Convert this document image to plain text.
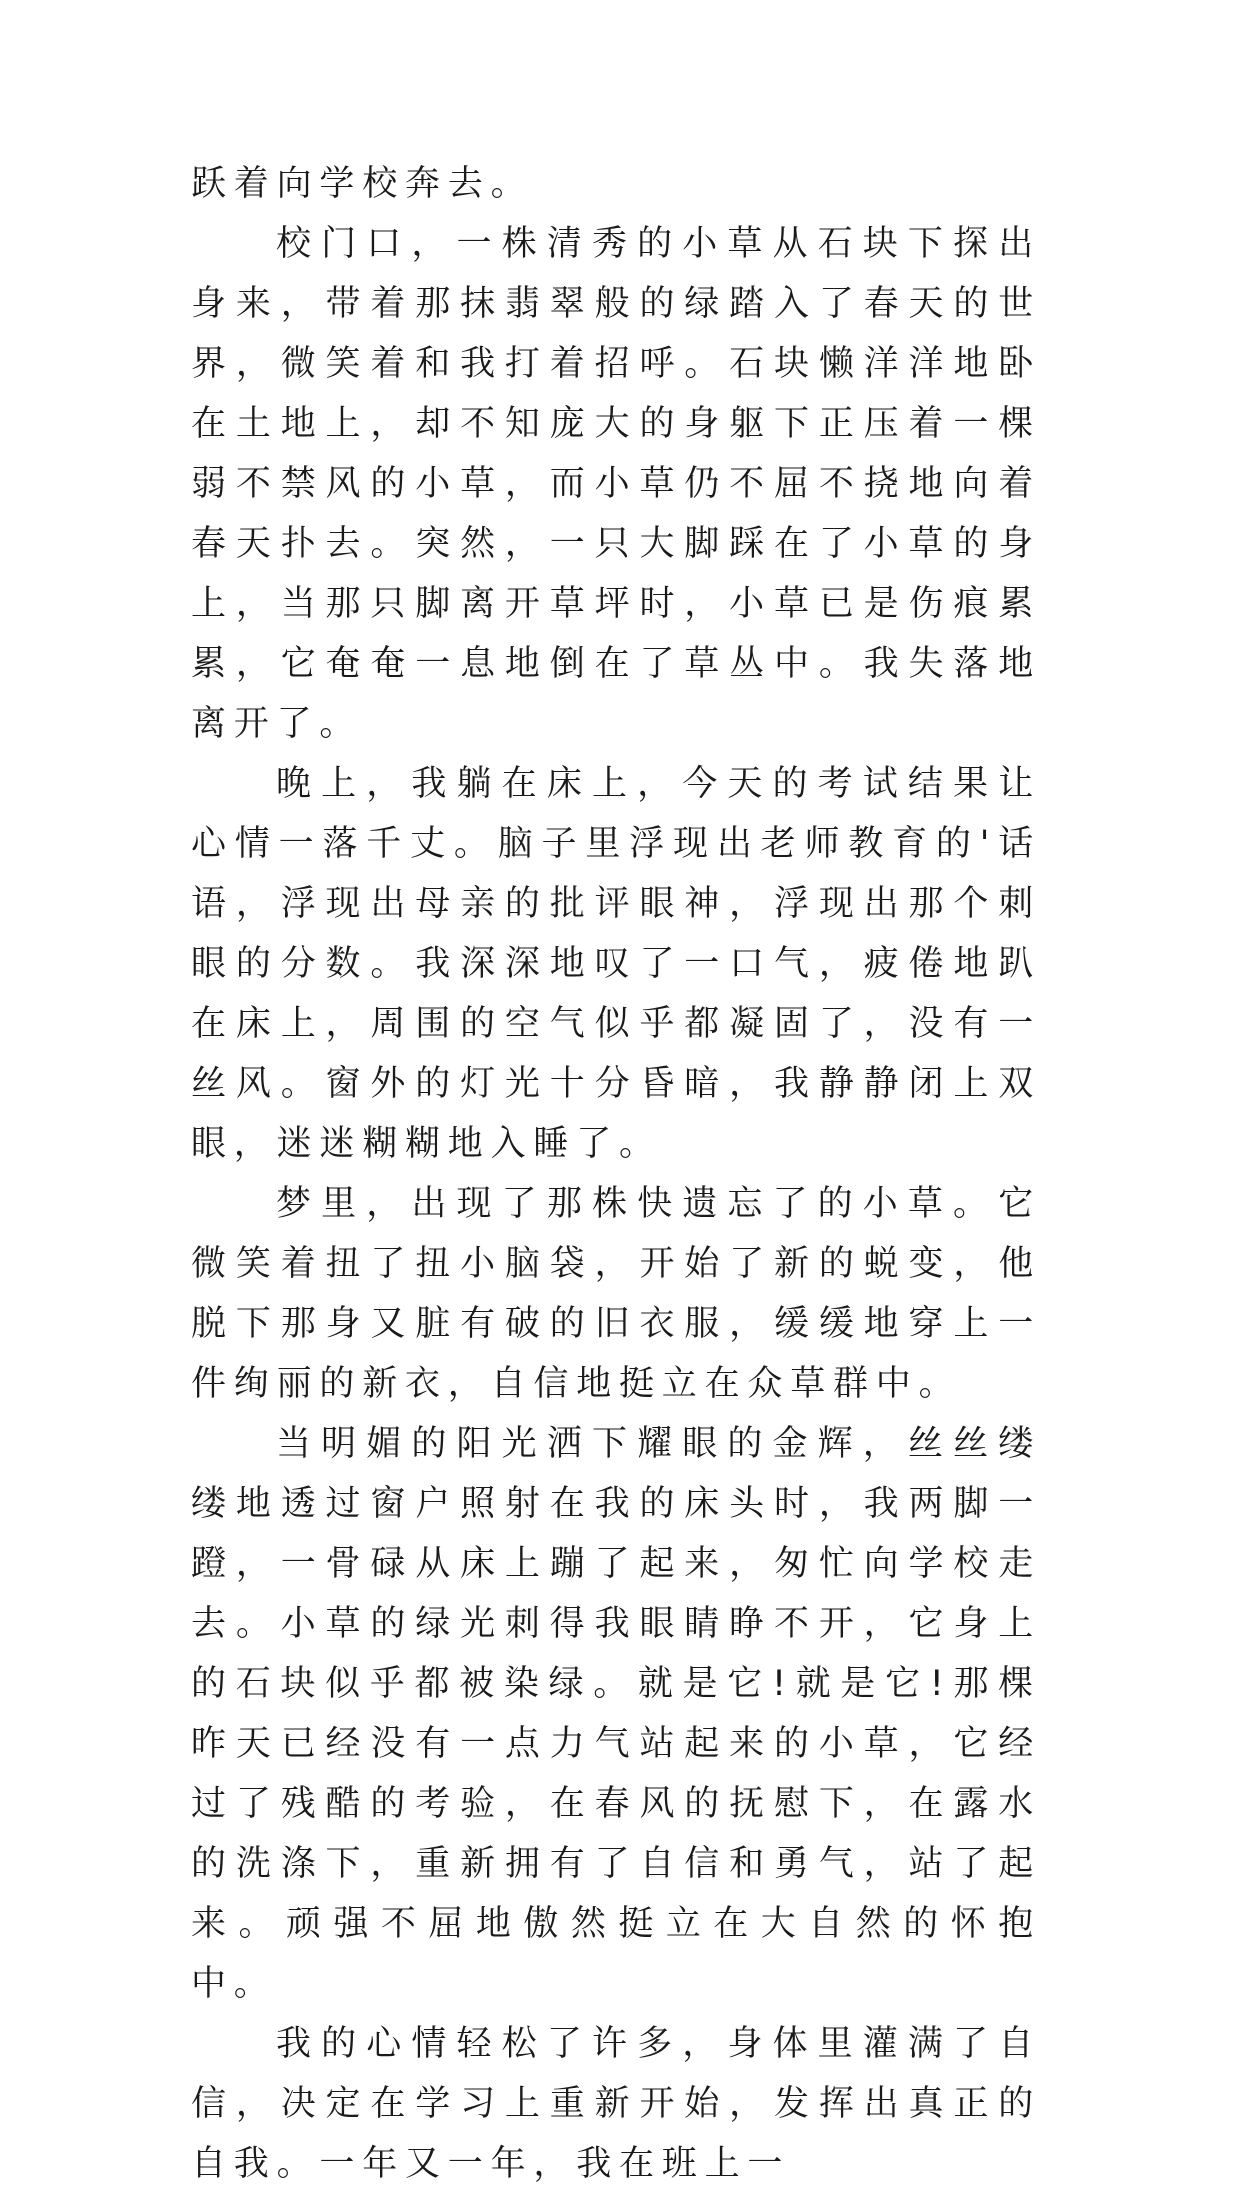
跃着向学校奔去。

校门口，一株清秀的小草从石块下探出身来，带着那抹翡翠般的绿踏入了春天的世界，微笑着和我打着招呼。石块懒洋洋地卧在土地上，却不知庞大的身躯下正压着一棵弱不禁风的小草，而小草仍不屈不挠地向着春天扑去。突然，一只大脚踩在了小草的身上，当那只脚离开草坪时，小草已是伤痕累累，它奄奄一息地倒在了草丛中。我失落地离开了。

晚上，我躺在床上，今天的考试结果让心情一落千丈。脑子里浮现出老师教育的'话语，浮现出母亲的批评眼神，浮现出那个刺眼的分数。我深深地叹了一口气，疲倦地趴在床上，周围的空气似乎都凝固了，没有一丝风。窗外的灯光十分昏暗，我静静闭上双眼，迷迷糊糊地入睡了。

梦里，出现了那株快遗忘了的小草。它微笑着扭了扭小脑袋，开始了新的蜕变，他脱下那身又脏有破的旧衣服，缓缓地穿上一件绚丽的新衣，自信地挺立在众草群中。

当明媚的阳光洒下耀眼的金辉，丝丝缕缕地透过窗户照射在我的床头时，我两脚一蹬，一骨碌从床上蹦了起来，匆忙向学校走去。小草的绿光刺得我眼睛睁不开，它身上的石块似乎都被染绿。就是它!就是它!那棵昨天已经没有一点力气站起来的小草，它经过了残酷的考验，在春风的抚慰下，在露水的洗涤下，重新拥有了自信和勇气，站了起来。顽强不屈地傲然挺立在大自然的怀抱中。

我的心情轻松了许多，身体里灌满了自信，决定在学习上重新开始，发挥出真正的自我。一年又一年，我在班上一
